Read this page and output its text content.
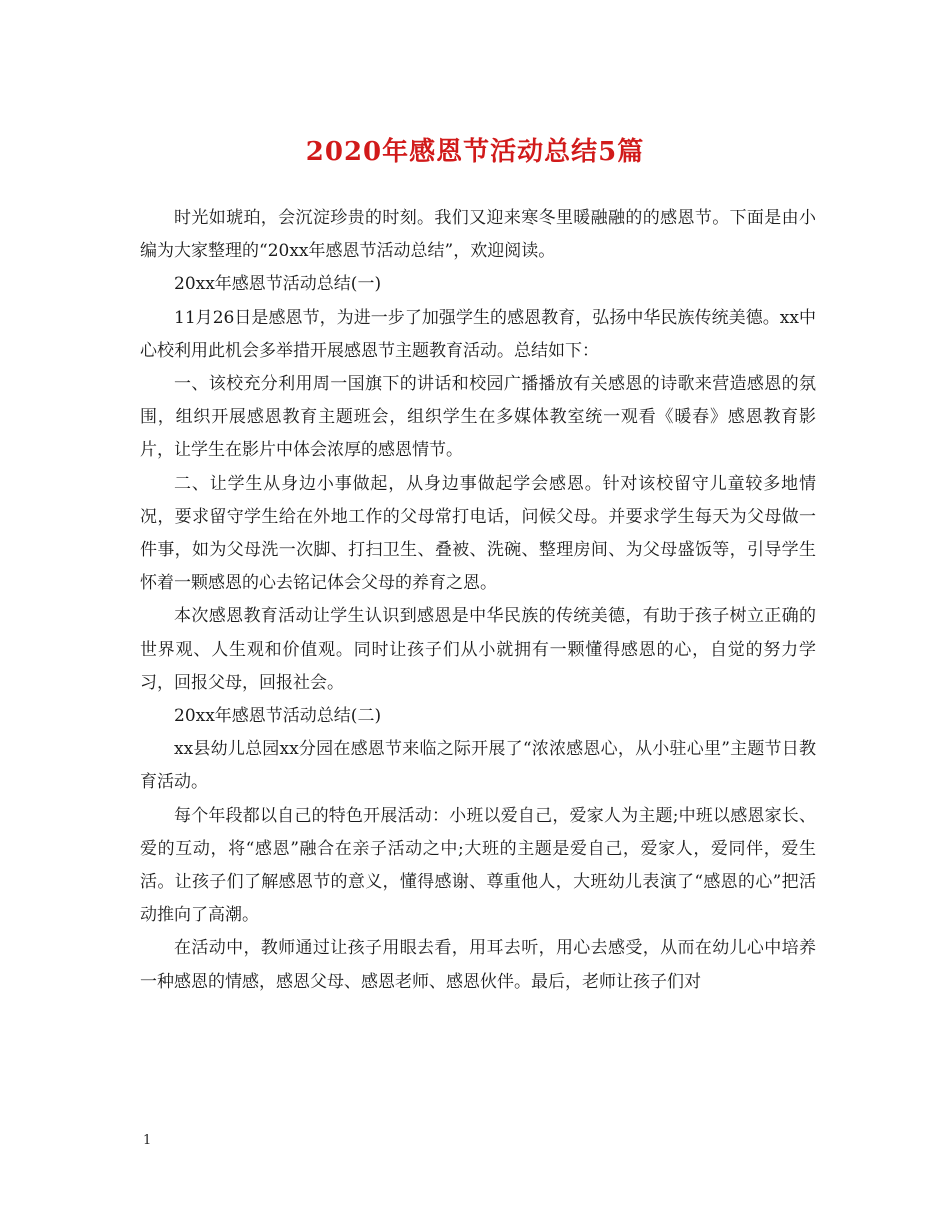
2020年感恩节活动总结5篇

时光如琥珀，会沉淀珍贵的时刻。我们又迎来寒冬里暖融融的的感恩节。下面是由小编为大家整理的“20xx年感恩节活动总结”，欢迎阅读。

20xx年感恩节活动总结(一)

11月26日是感恩节，为进一步了加强学生的感恩教育，弘扬中华民族传统美德。xx中心校利用此机会多举措开展感恩节主题教育活动。总结如下：

一、该校充分利用周一国旗下的讲话和校园广播播放有关感恩的诗歌来营造感恩的氛围，组织开展感恩教育主题班会，组织学生在多媒体教室统一观看《暖春》感恩教育影片，让学生在影片中体会浓厚的感恩情节。

二、让学生从身边小事做起，从身边事做起学会感恩。针对该校留守儿童较多地情况，要求留守学生给在外地工作的父母常打电话，问候父母。并要求学生每天为父母做一件事，如为父母洗一次脚、打扫卫生、叠被、洗碗、整理房间、为父母盛饭等，引导学生怀着一颗感恩的心去铭记体会父母的养育之恩。

本次感恩教育活动让学生认识到感恩是中华民族的传统美德，有助于孩子树立正确的世界观、人生观和价值观。同时让孩子们从小就拥有一颗懂得感恩的心，自觉的努力学习，回报父母，回报社会。

20xx年感恩节活动总结(二)

xx县幼儿总园xx分园在感恩节来临之际开展了“浓浓感恩心，从小驻心里”主题节日教育活动。

每个年段都以自己的特色开展活动：小班以爱自己，爱家人为主题;中班以感恩家长、爱的互动，将“感恩”融合在亲子活动之中;大班的主题是爱自己，爱家人，爱同伴，爱生活。让孩子们了解感恩节的意义，懂得感谢、尊重他人，大班幼儿表演了“感恩的心”把活动推向了高潮。

在活动中，教师通过让孩子用眼去看，用耳去听，用心去感受，从而在幼儿心中培养一种感恩的情感，感恩父母、感恩老师、感恩伙伴。最后，老师让孩子们对

1
